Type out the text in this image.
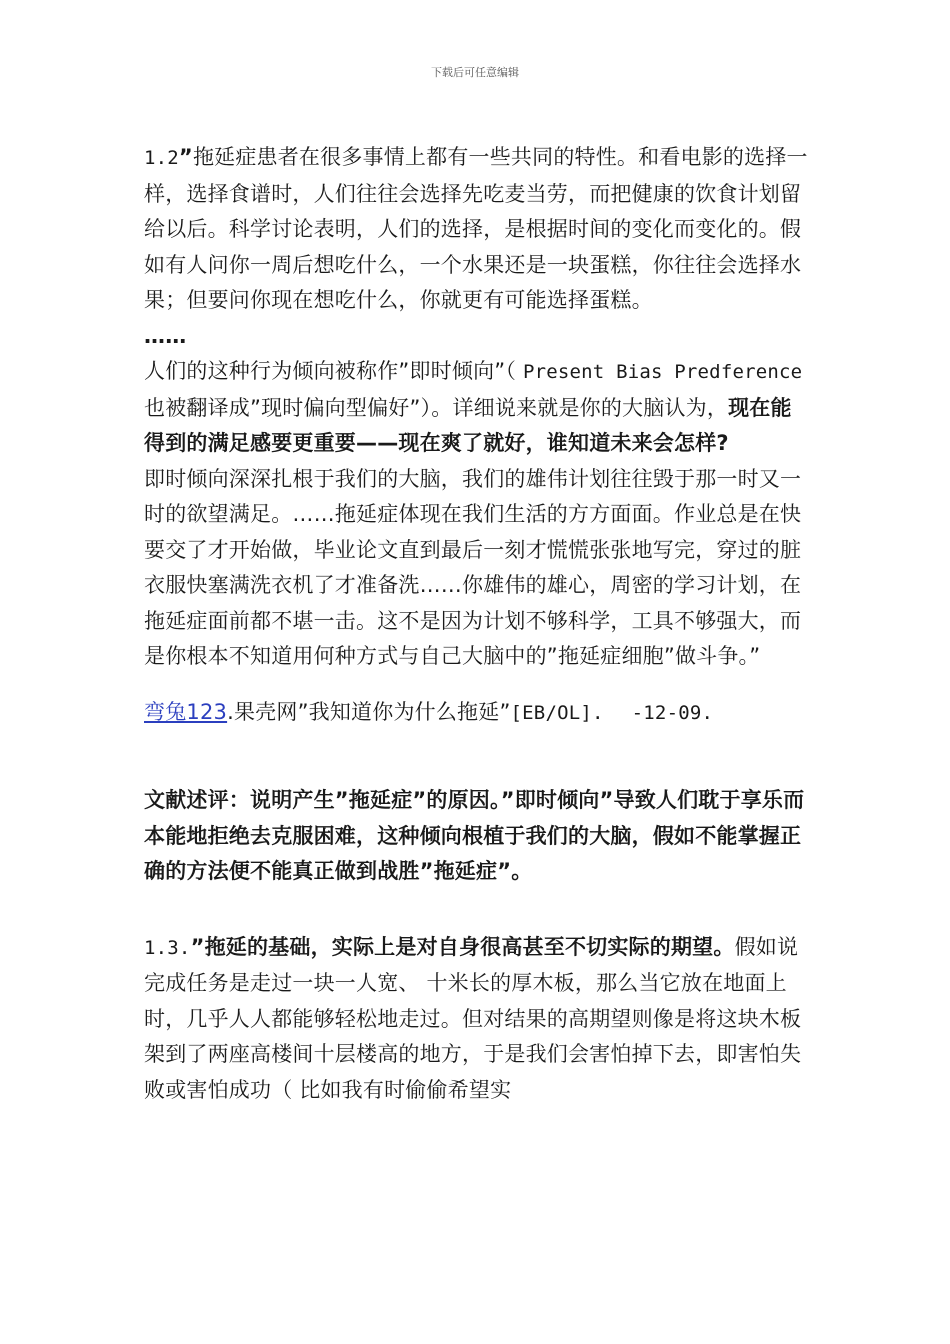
下载后可任意编辑

1.2”拖延症患者在很多事情上都有一些共同的特性。和看电影的选择一样，选择食谱时，人们往往会选择先吃麦当劳，而把健康的饮食计划留给以后。科学讨论表明，人们的选择，是根据时间的变化而变化的。假如有人问你一周后想吃什么，一个水果还是一块蛋糕，你往往会选择水果；但要问你现在想吃什么，你就更有可能选择蛋糕。

……

人们的这种行为倾向被称作”即时倾向”（ Present Bias Predference 也被翻译成”现时偏向型偏好”）。详细说来就是你的大脑认为，现在能得到的满足感要更重要——现在爽了就好，谁知道未来会怎样?

即时倾向深深扎根于我们的大脑，我们的雄伟计划往往毁于那一时又一时的欲望满足。……拖延症体现在我们生活的方方面面。作业总是在快要交了才开始做，毕业论文直到最后一刻才慌慌张张地写完，穿过的脏衣服快塞满洗衣机了才准备洗……你雄伟的雄心，周密的学习计划，在拖延症面前都不堪一击。这不是因为计划不够科学，工具不够强大，而是你根本不知道用何种方式与自己大脑中的”拖延症细胞”做斗争。”

弯兔123.果壳网”我知道你为什么拖延”[EB/OL]. -12-09.

文献述评：说明产生”拖延症”的原因。”即时倾向”导致人们耽于享乐而本能地拒绝去克服困难，这种倾向根植于我们的大脑，假如不能掌握正确的方法便不能真正做到战胜”拖延症”。

1.3.”拖延的基础，实际上是对自身很高甚至不切实际的期望。假如说完成任务是走过一块一人宽、 十米长的厚木板，那么当它放在地面上时，几乎人人都能够轻松地走过。但对结果的高期望则像是将这块木板架到了两座高楼间十层楼高的地方，于是我们会害怕掉下去，即害怕失败或害怕成功（ 比如我有时偷偷希望实
